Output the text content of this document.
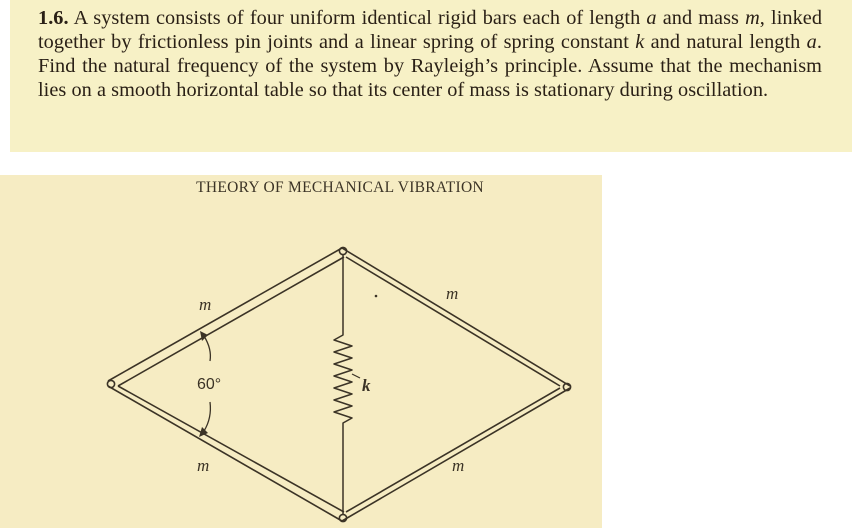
1.6. A system consists of four uniform identical rigid bars each of length a and mass m, linked together by frictionless pin joints and a linear spring of spring constant k and natural length a. Find the natural frequency of the system by Rayleigh’s principle. Assume that the mechanism lies on a smooth horizontal table so that its center of mass is stationary during oscillation.

THEORY OF MECHANICAL VIBRATION
m
m
m	m
60°	k
